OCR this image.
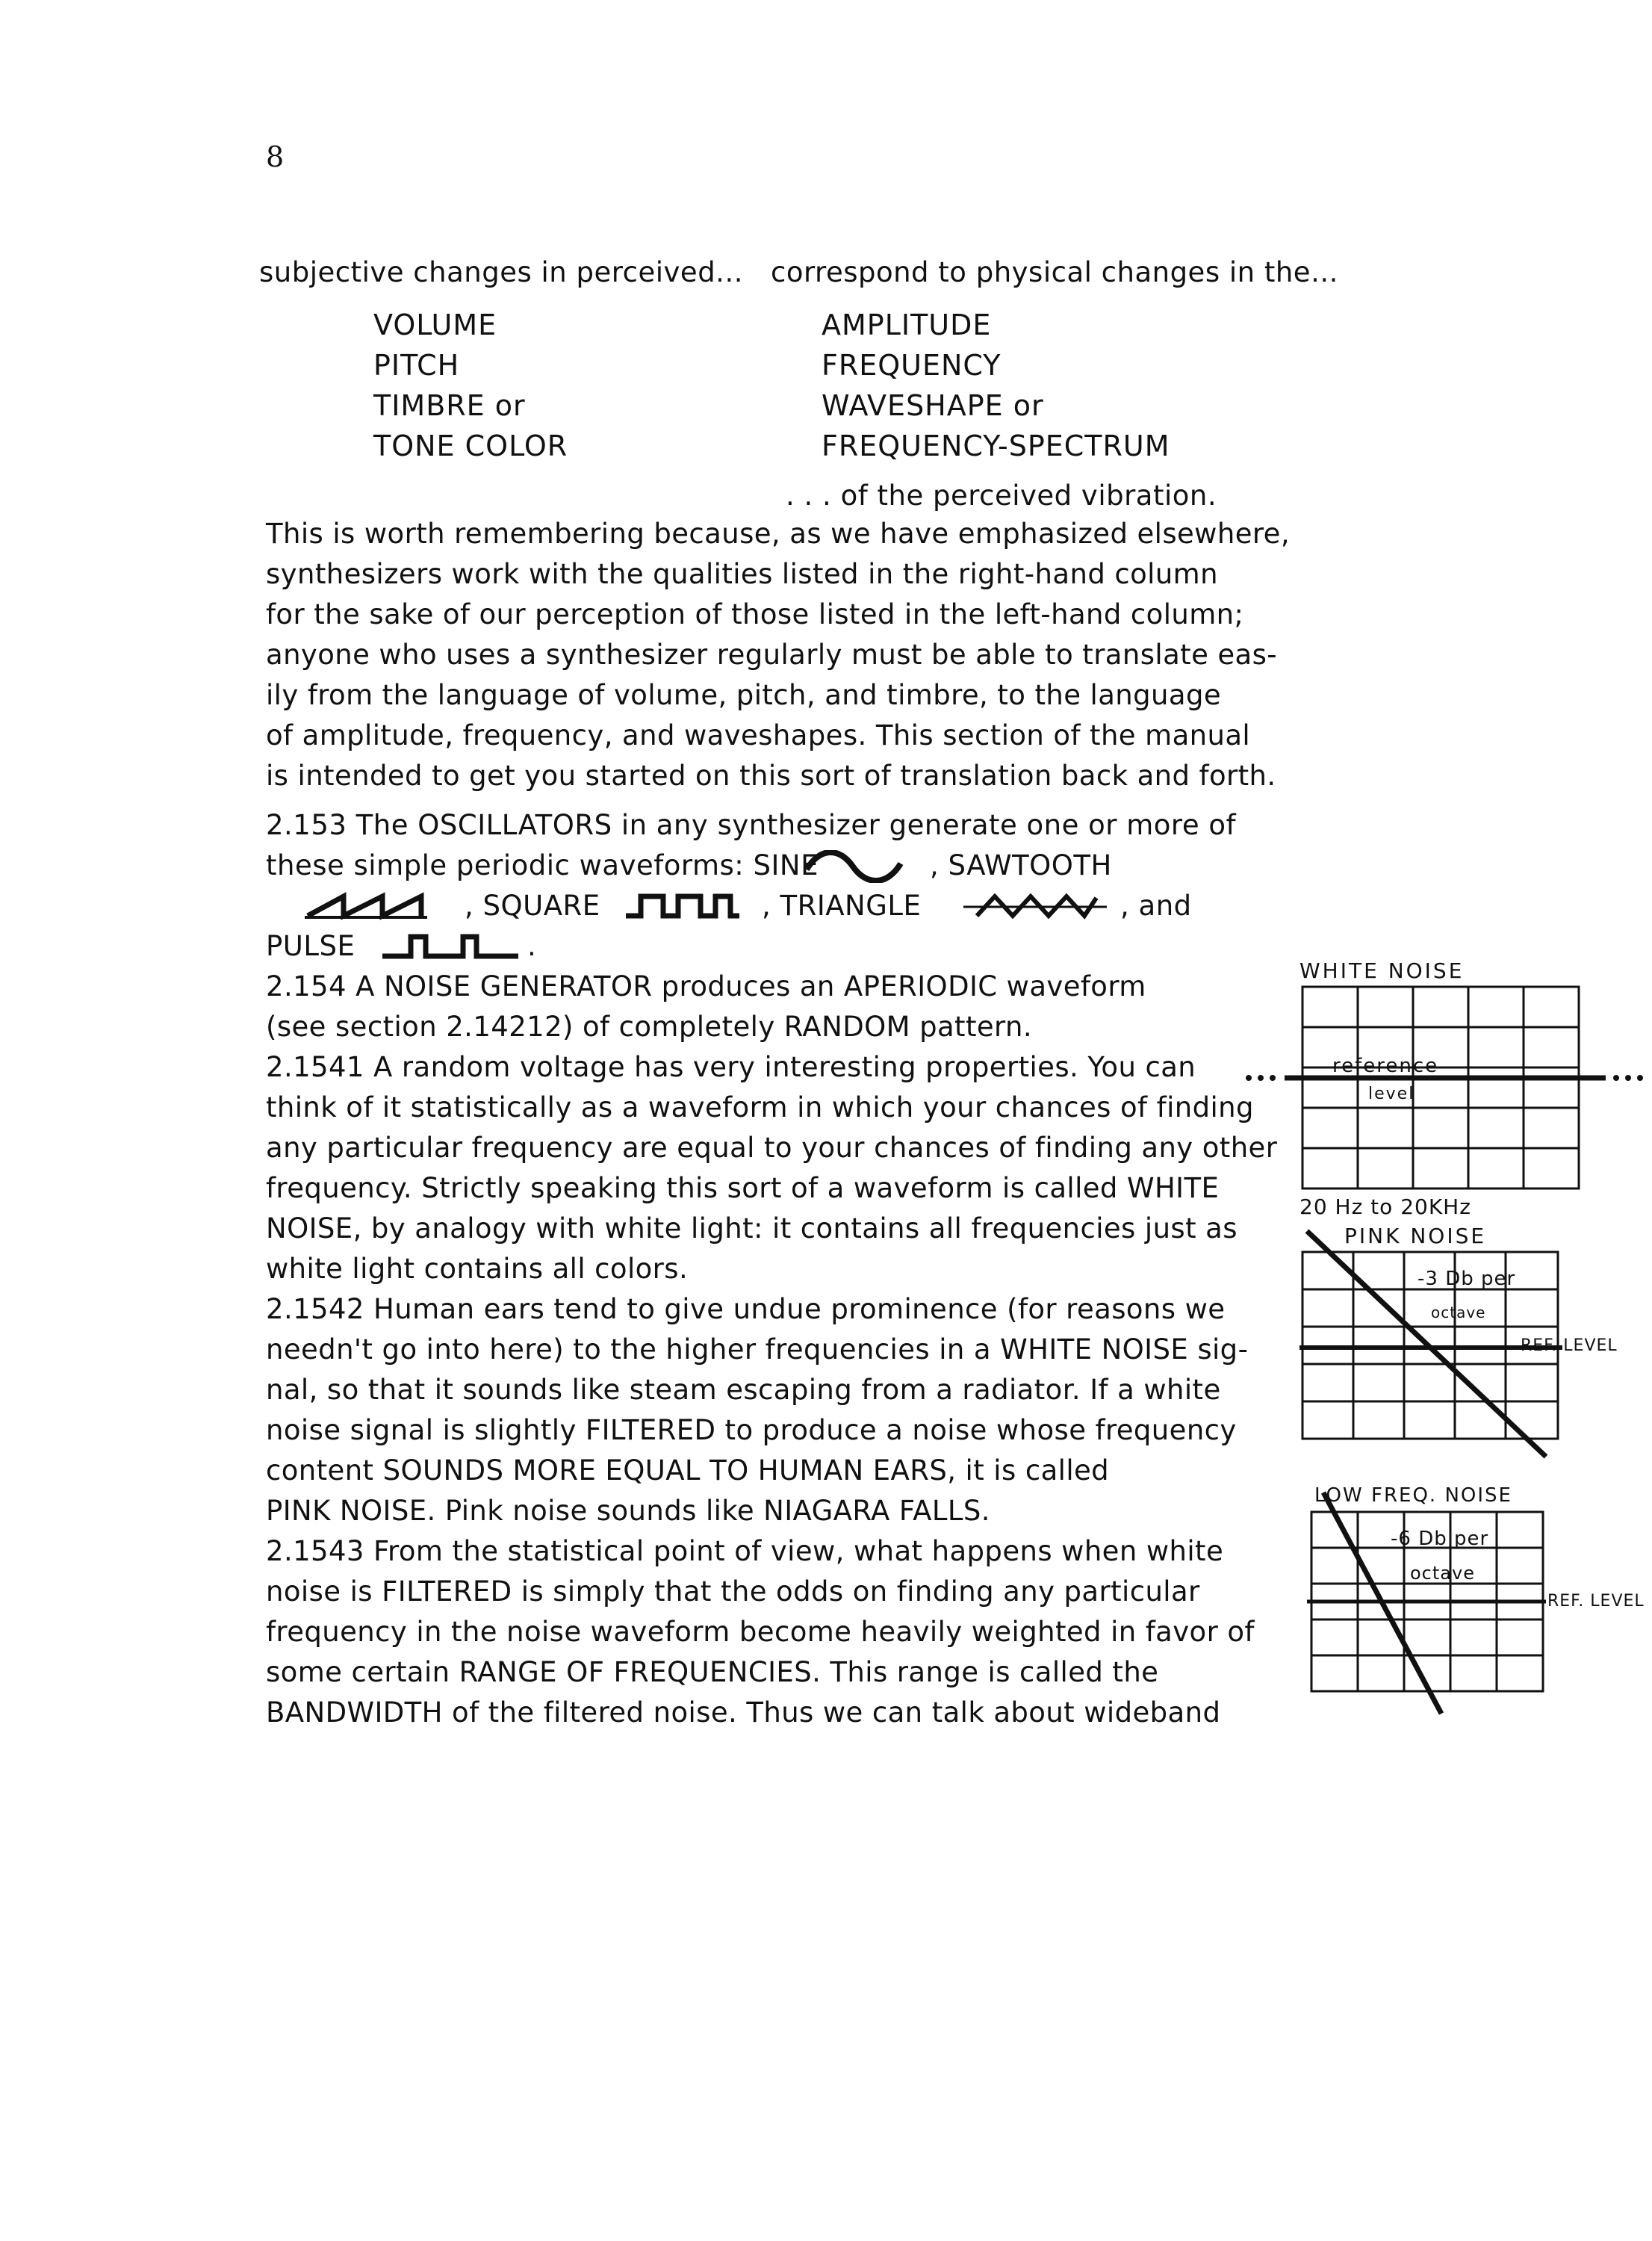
8
subjective changes in perceived... correspond to physical changes in the...
VOLUME	AMPLITUDE
PITCH	FREQUENCY
TIMBRE or	WAVESHAPE or
TONE COLOR	FREQUENCY-SPECTRUM
. . . of the perceived vibration.
This is worth remembering because, as we have emphasized elsewhere,
synthesizers work with the qualities listed in the right-hand column
for the sake of our perception of those listed in the left-hand column;
anyone who uses a synthesizer regularly must be able to translate eas-
ily from the language of volume, pitch, and timbre, to the language
of amplitude, frequency, and waveshapes. This section of the manual
is intended to get you started on this sort of translation back and forth.
2.153 The OSCILLATORS in any synthesizer generate one or more of
these simple periodic waveforms: SINE	, SAWTOOTH
, SQUARE	, TRIANGLE	, and
PULSE	.
2.154 A NOISE GENERATOR produces an APERIODIC waveform
(see section 2.14212) of completely RANDOM pattern.
2.1541 A random voltage has very interesting properties. You can
think of it statistically as a waveform in which your chances of finding
any particular frequency are equal to your chances of finding any other
frequency. Strictly speaking this sort of a waveform is called WHITE
NOISE, by analogy with white light: it contains all frequencies just as
white light contains all colors.
2.1542 Human ears tend to give undue prominence (for reasons we
needn't go into here) to the higher frequencies in a WHITE NOISE sig-
nal, so that it sounds like steam escaping from a radiator. If a white
noise signal is slightly FILTERED to produce a noise whose frequency
content SOUNDS MORE EQUAL TO HUMAN EARS, it is called
PINK NOISE. Pink noise sounds like NIAGARA FALLS.
2.1543 From the statistical point of view, what happens when white
noise is FILTERED is simply that the odds on finding any particular
frequency in the noise waveform become heavily weighted in favor of
some certain RANGE OF FREQUENCIES. This range is called the
BANDWIDTH of the filtered noise. Thus we can talk about wideband
WHITE NOISE
reference
level
20 Hz to 20KHz
PINK NOISE
-3 Db per
octave
REF. LEVEL
LOW FREQ. NOISE
-6 Db per
octave
REF. LEVEL
